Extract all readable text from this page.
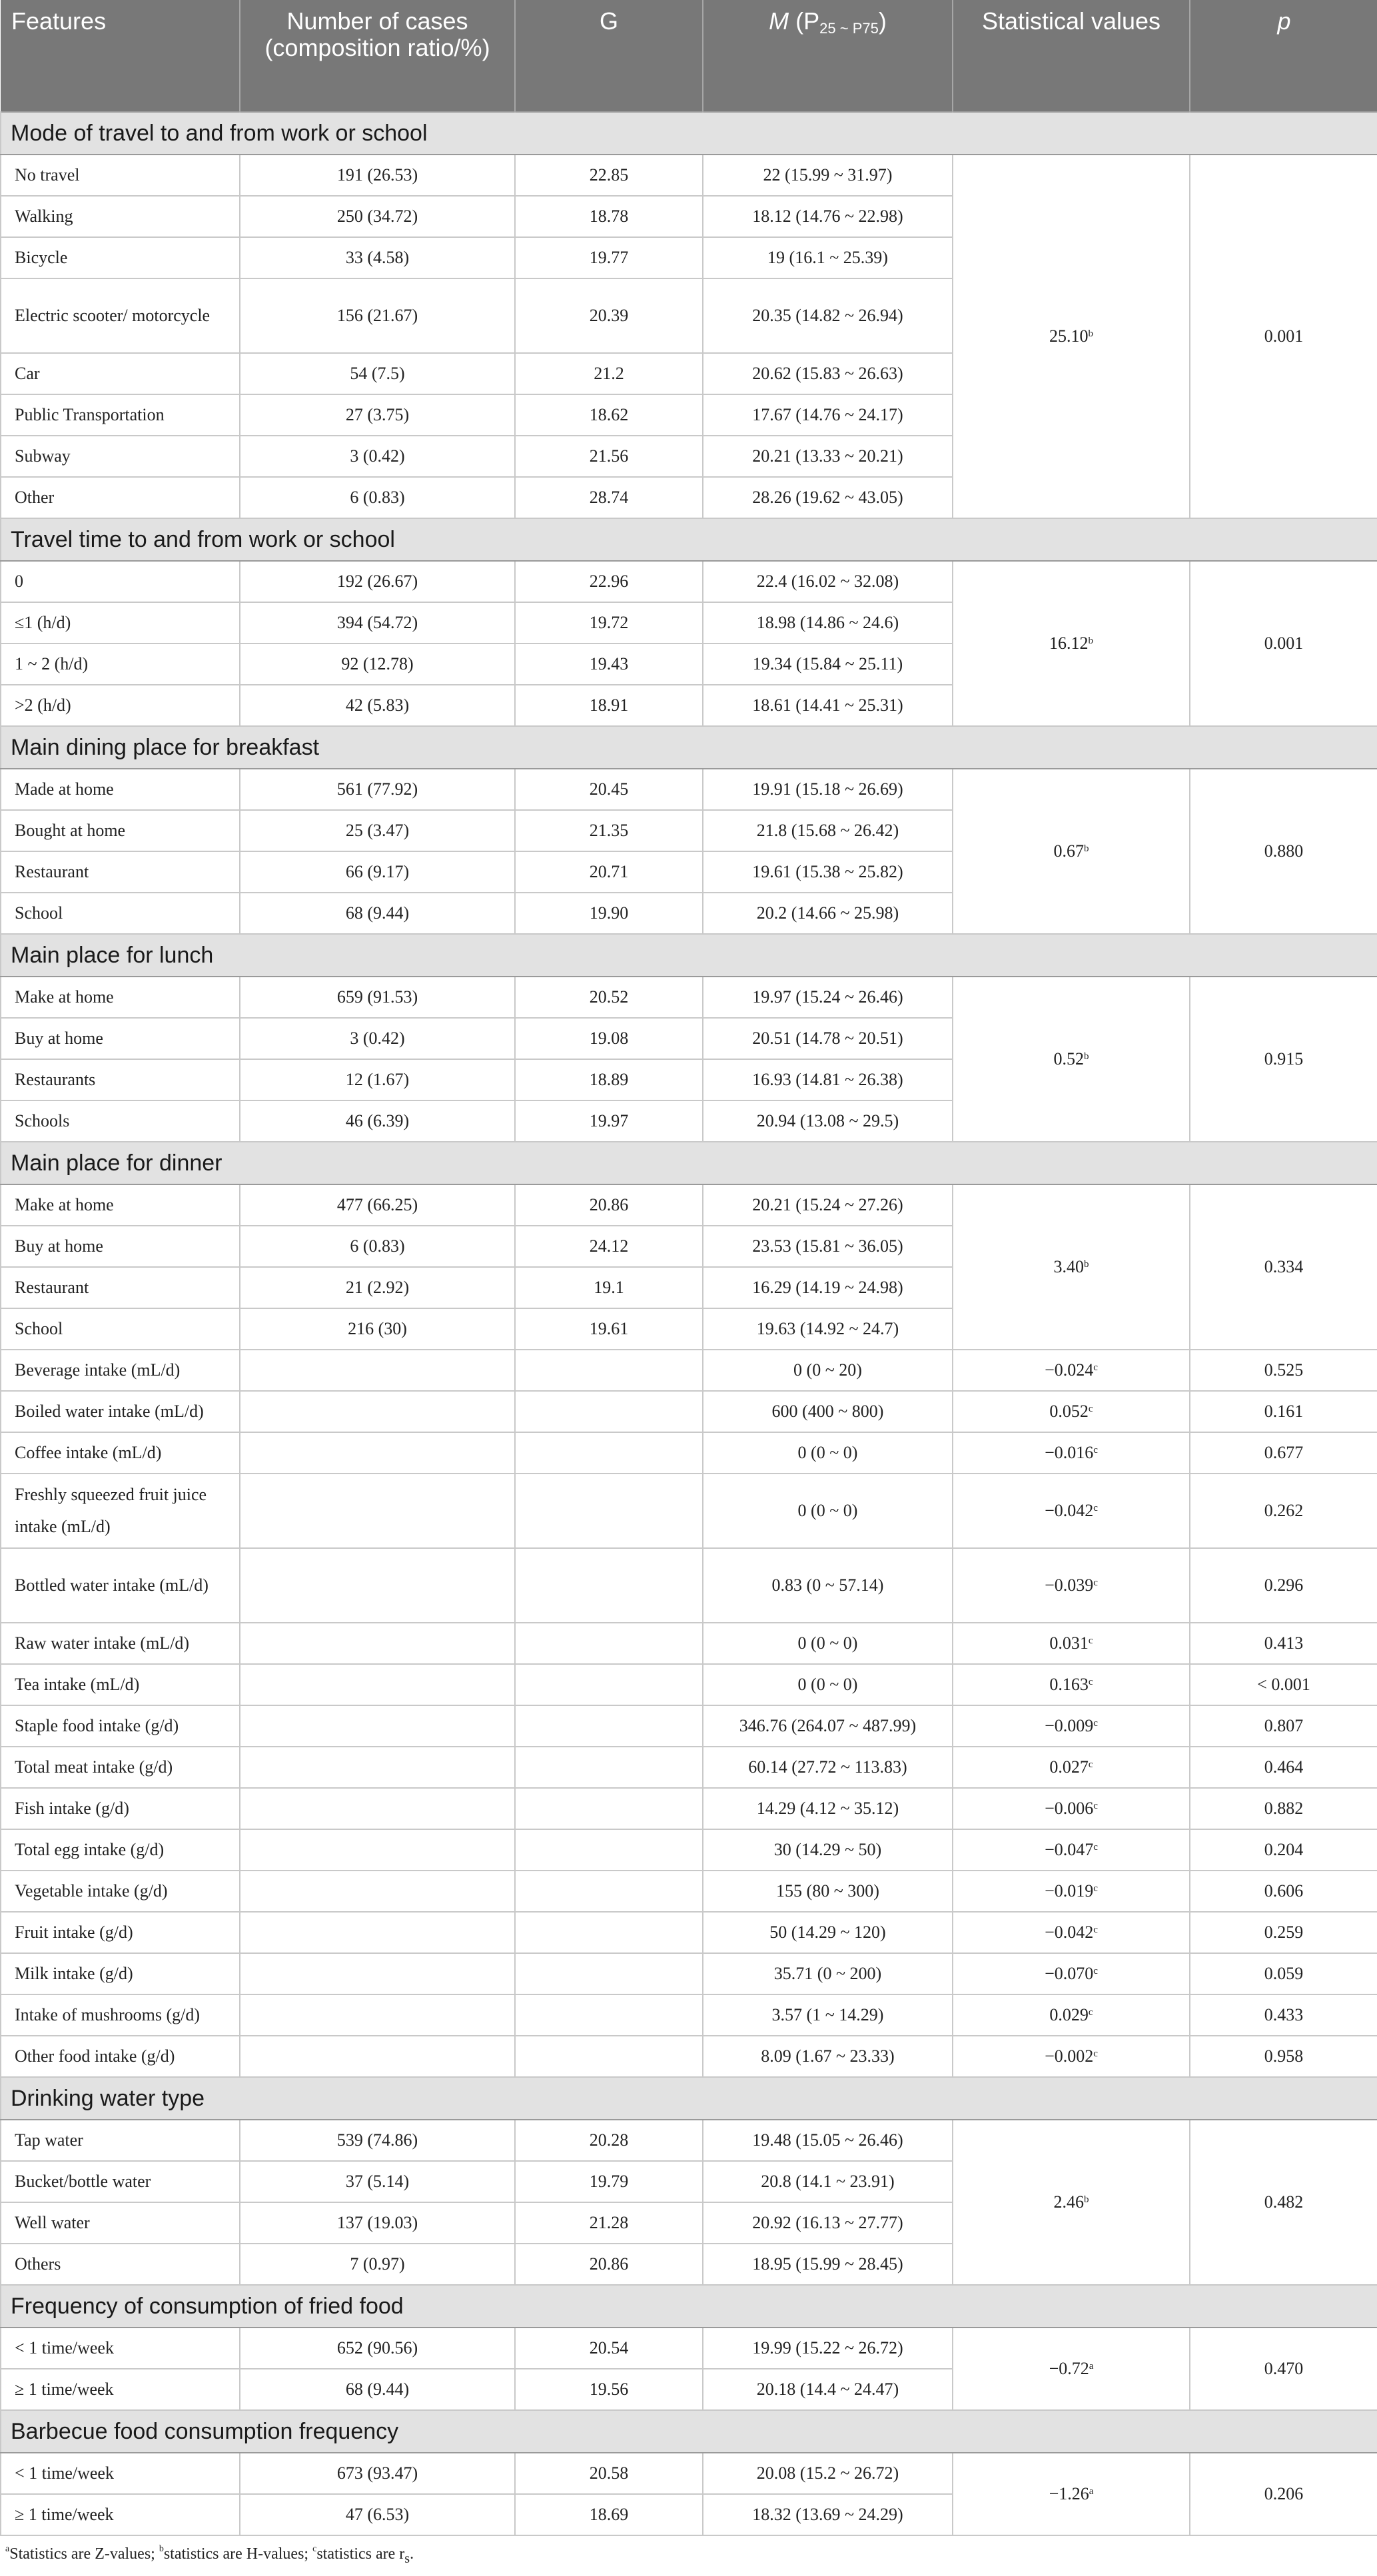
Features	Number of cases (composition ratio/%)	G	M $(P_{25 \sim P75})$	Statistical values	p
Mode of travel to and from work or school					
No travel	191 (26.53)	22.85	22 (15.99 ~ 31.97)	25.10$^b$	0.001
Walking	250 (34.72)	18.78	18.12 (14.76 ~ 22.98)		
Bicycle	33 (4.58)	19.77	19 (16.1 ~ 25.39)		
Electric scooter/ motorcycle	156 (21.67)	20.39	20.35 (14.82 ~ 26.94)		
Car	54 (7.5)	21.2	20.62 (15.83 ~ 26.63)		
Public Transportation	27 (3.75)	18.62	17.67 (14.76 ~ 24.17)		
Subway	3 (0.42)	21.56	20.21 (13.33 ~ 20.21)		
Other	6 (0.83)	28.74	28.26 (19.62 ~ 43.05)		
Travel time to and from work or school					
0	192 (26.67)	22.96	22.4 (16.02 ~ 32.08)	16.12$^b$	0.001
≤1 (h/d)	394 (54.72)	19.72	18.98 (14.86 ~ 24.6)		
1 ~ 2 (h/d)	92 (12.78)	19.43	19.34 (15.84 ~ 25.11)		
>2 (h/d)	42 (5.83)	18.91	18.61 (14.41 ~ 25.31)		
Main dining place for breakfast					
Made at home	561 (77.92)	20.45	19.91 (15.18 ~ 26.69)	0.67$^b$	0.880
Bought at home	25 (3.47)	21.35	21.8 (15.68 ~ 26.42)		
Restaurant	66 (9.17)	20.71	19.61 (15.38 ~ 25.82)		
School	68 (9.44)	19.90	20.2 (14.66 ~ 25.98)		
Main place for lunch					
Make at home	659 (91.53)	20.52	19.97 (15.24 ~ 26.46)	0.52$^b$	0.915
Buy at home	3 (0.42)	19.08	20.51 (14.78 ~ 20.51)		
Restaurants	12 (1.67)	18.89	16.93 (14.81 ~ 26.38)		
Schools	46 (6.39)	19.97	20.94 (13.08 ~ 29.5)		
Main place for dinner					
Make at home	477 (66.25)	20.86	20.21 (15.24 ~ 27.26)	3.40$^b$	0.334
Buy at home	6 (0.83)	24.12	23.53 (15.81 ~ 36.05)		
Restaurant	21 (2.92)	19.1	16.29 (14.19 ~ 24.98)		
School	216 (30)	19.61	19.63 (14.92 ~ 24.7)		
Beverage intake (mL/d)			0 (0 ~ 20)	−0.024$^c$	0.525
Boiled water intake (mL/d)			600 (400 ~ 800)	0.052$^c$	0.161
Coffee intake (mL/d)			0 (0 ~ 0)	−0.016$^c$	0.677
Freshly squeezed fruit juice intake (mL/d)			0 (0 ~ 0)	−0.042$^c$	0.262
Bottled water intake (mL/d)			0.83 (0 ~ 57.14)	−0.039$^c$	0.296
Raw water intake (mL/d)			0 (0 ~ 0)	0.031$^c$	0.413
Tea intake (mL/d)			0 (0 ~ 0)	0.163$^c$	< 0.001
Staple food intake (g/d)			346.76 (264.07 ~ 487.99)	−0.009$^c$	0.807
Total meat intake (g/d)			60.14 (27.72 ~ 113.83)	0.027$^c$	0.464
Fish intake (g/d)			14.29 (4.12 ~ 35.12)	−0.006$^c$	0.882
Total egg intake (g/d)			30 (14.29 ~ 50)	−0.047$^c$	0.204
Vegetable intake (g/d)			155 (80 ~ 300)	−0.019$^c$	0.606
Fruit intake (g/d)			50 (14.29 ~ 120)	−0.042$^c$	0.259
Milk intake (g/d)			35.71 (0 ~ 200)	−0.070$^c$	0.059
Intake of mushrooms (g/d)			3.57 (1 ~ 14.29)	0.029$^c$	0.433
Other food intake (g/d)			8.09 (1.67 ~ 23.33)	−0.002$^c$	0.958
Drinking water type					
Tap water	539 (74.86)	20.28	19.48 (15.05 ~ 26.46)	2.46$^b$	0.482
Bucket/bottle water	37 (5.14)	19.79	20.8 (14.1 ~ 23.91)		
Well water	137 (19.03)	21.28	20.92 (16.13 ~ 27.77)		
Others	7 (0.97)	20.86	18.95 (15.99 ~ 28.45)		
Frequency of consumption of fried food					
< 1 time/week	652 (90.56)	20.54	19.99 (15.22 ~ 26.72)	−0.72$^a$	0.470
≥ 1 time/week	68 (9.44)	19.56	20.18 (14.4 ~ 24.47)		
Barbecue food consumption frequency					
< 1 time/week	673 (93.47)	20.58	20.08 (15.2 ~ 26.72)	−1.26$^a$	0.206
≥ 1 time/week	47 (6.53)	18.69	18.32 (13.69 ~ 24.29)		
$^a$Statistics are Z-values; $^b$statistics are H-values; $^c$statistics are $r_s$.
